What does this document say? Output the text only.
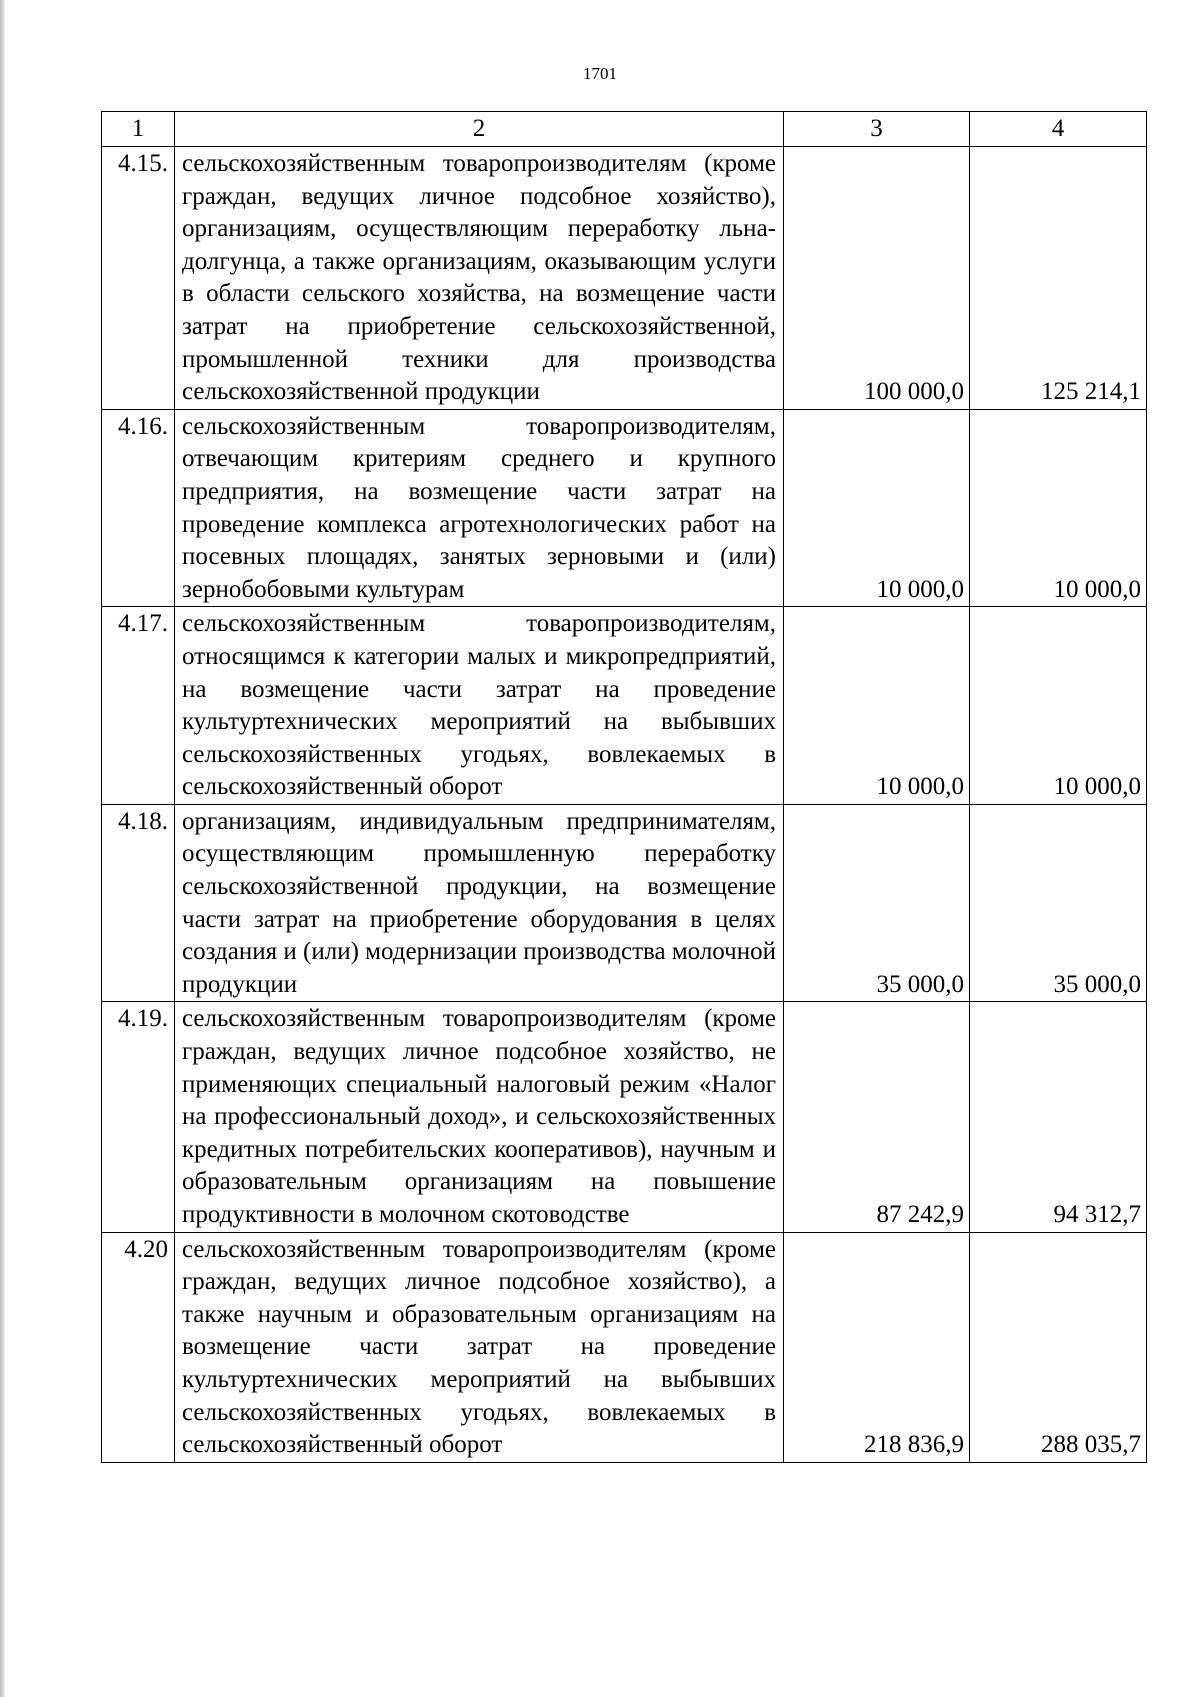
1701
1	2	3	4
4.15.	сельскохозяйственным товаропроизводителям (кроме граждан, ведущих личное подсобное хозяйство), организациям, осуществляющим переработку льна-долгунца, а также организациям, оказывающим услуги в области сельского хозяйства, на возмещение части затрат на приобретение сельскохозяйственной, промышленной техники для производства сельскохозяйственной продукции	100 000,0	125 214,1
4.16.	сельскохозяйственным товаропроизводителям, отвечающим критериям среднего и крупного предприятия, на возмещение части затрат на проведение комплекса агротехнологических работ на посевных площадях, занятых зерновыми и (или) зернобобовыми культурам	10 000,0	10 000,0
4.17.	сельскохозяйственным товаропроизводителям, относящимся к категории малых и микропредприятий, на возмещение части затрат на проведение культуртехнических мероприятий на выбывших сельскохозяйственных угодьях, вовлекаемых в сельскохозяйственный оборот	10 000,0	10 000,0
4.18.	организациям, индивидуальным предпринимателям, осуществляющим промышленную переработку сельскохозяйственной продукции, на возмещение части затрат на приобретение оборудования в целях создания и (или) модернизации производства молочной продукции	35 000,0	35 000,0
4.19.	сельскохозяйственным товаропроизводителям (кроме граждан, ведущих личное подсобное хозяйство, не применяющих специальный налоговый режим «Налог на профессиональный доход», и сельскохозяйственных кредитных потребительских кооперативов), научным и образовательным организациям на повышение продуктивности в молочном скотоводстве	87 242,9	94 312,7
4.20	сельскохозяйственным товаропроизводителям (кроме граждан, ведущих личное подсобное хозяйство), а также научным и образовательным организациям на возмещение части затрат на проведение культуртехнических мероприятий на выбывших сельскохозяйственных угодьях, вовлекаемых в сельскохозяйственный оборот	218 836,9	288 035,7
